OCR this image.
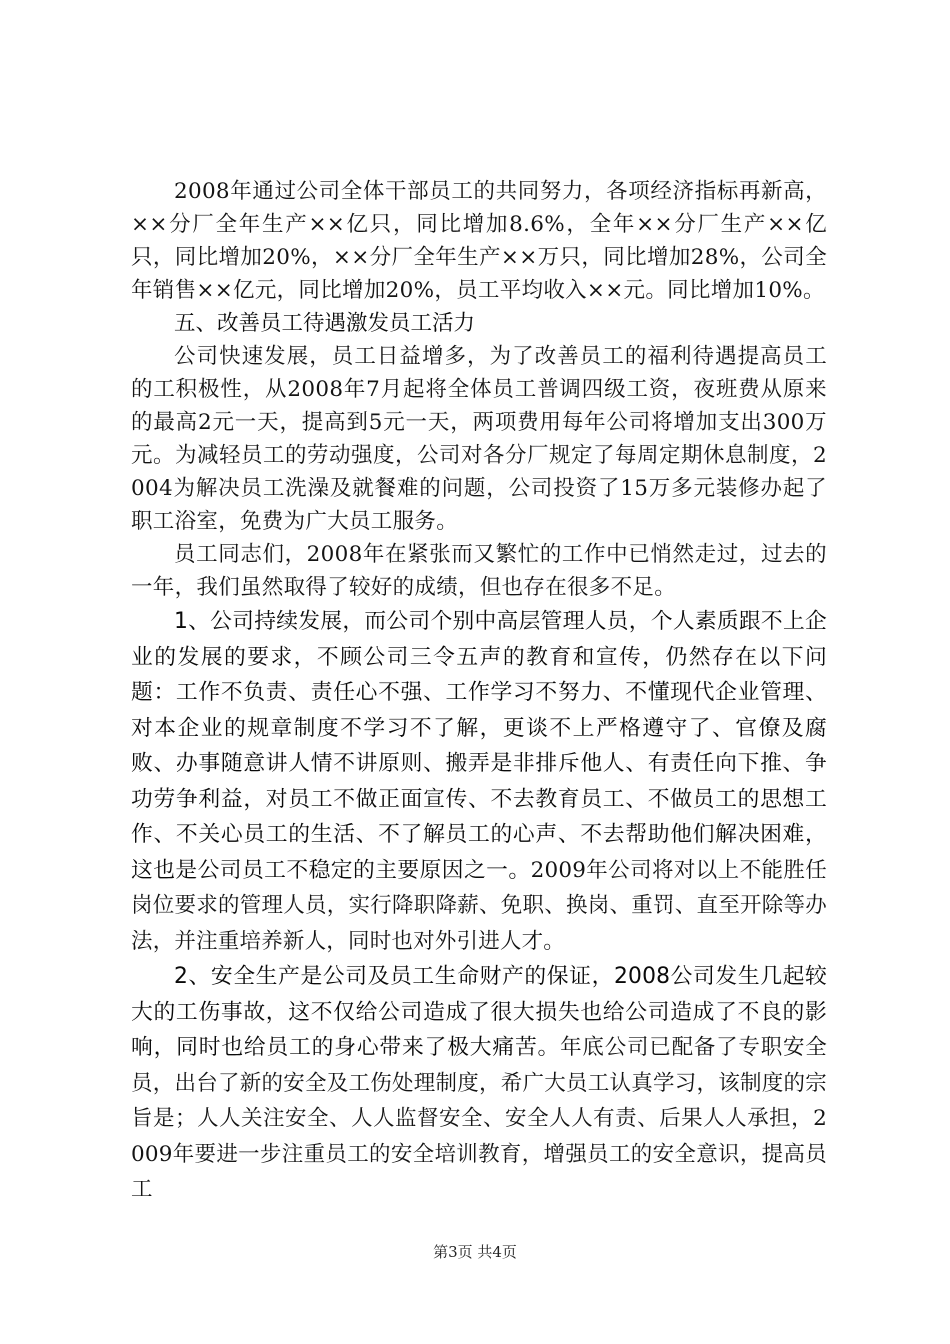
2008年通过公司全体干部员工的共同努力，各项经济指标再新高，××分厂全年生产××亿只，同比增加8.6%，全年××分厂生产××亿只，同比增加20%，××分厂全年生产××万只，同比增加28%，公司全年销售××亿元，同比增加20%，员工平均收入××元。同比增加10%。

五、改善员工待遇激发员工活力

公司快速发展，员工日益增多，为了改善员工的福利待遇提高员工的工积极性，从2008年7月起将全体员工普调四级工资，夜班费从原来的最高2元一天，提高到5元一天，两项费用每年公司将增加支出300万元。为减轻员工的劳动强度，公司对各分厂规定了每周定期休息制度，2004为解决员工洗澡及就餐难的问题，公司投资了15万多元装修办起了职工浴室，免费为广大员工服务。

员工同志们，2008年在紧张而又繁忙的工作中已悄然走过，过去的一年，我们虽然取得了较好的成绩，但也存在很多不足。

1、公司持续发展，而公司个别中高层管理人员，个人素质跟不上企业的发展的要求，不顾公司三令五声的教育和宣传，仍然存在以下问题：工作不负责、责任心不强、工作学习不努力、不懂现代企业管理、对本企业的规章制度不学习不了解，更谈不上严格遵守了、官僚及腐败、办事随意讲人情不讲原则、搬弄是非排斥他人、有责任向下推、争功劳争利益，对员工不做正面宣传、不去教育员工、不做员工的思想工作、不关心员工的生活、不了解员工的心声、不去帮助他们解决困难，这也是公司员工不稳定的主要原因之一。2009年公司将对以上不能胜任岗位要求的管理人员，实行降职降薪、免职、换岗、重罚、直至开除等办法，并注重培养新人，同时也对外引进人才。

2、安全生产是公司及员工生命财产的保证，2008公司发生几起较大的工伤事故，这不仅给公司造成了很大损失也给公司造成了不良的影响，同时也给员工的身心带来了极大痛苦。年底公司已配备了专职安全员，出台了新的安全及工伤处理制度，希广大员工认真学习，该制度的宗旨是；人人关注安全、人人监督安全、安全人人有责、后果人人承担，2009年要进一步注重员工的安全培训教育，增强员工的安全意识，提高员工

第3页 共4页
